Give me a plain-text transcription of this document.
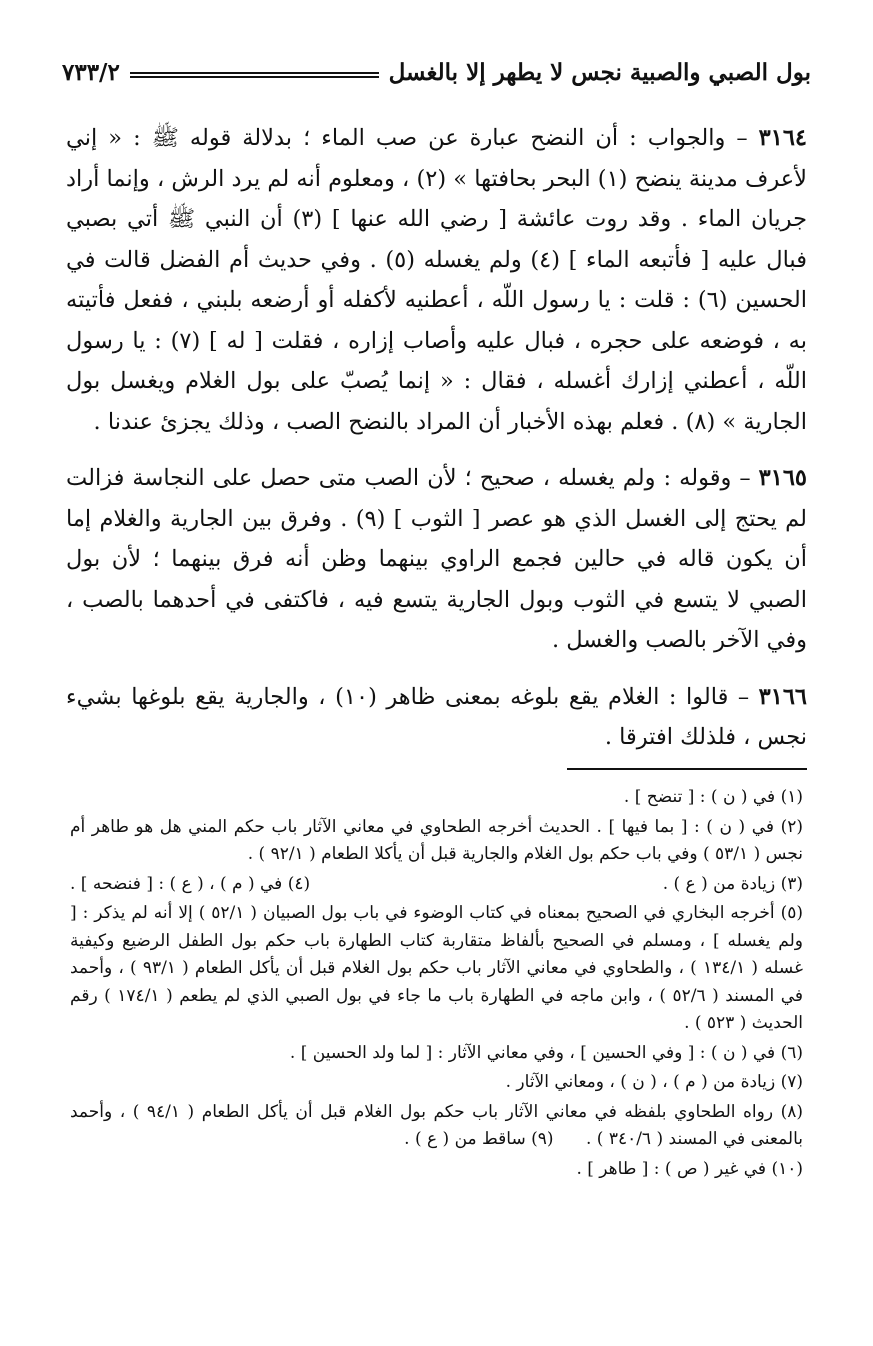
بول الصبي والصبية نجس لا يطهر إلا بالغسل
٧٣٣/٢

٣١٦٤ – والجواب : أن النضح عبارة عن صب الماء ؛ بدلالة قوله ﷺ : « إني لأعرف مدينة ينضح (١) البحر بحافتها » (٢) ، ومعلوم أنه لم يرد الرش ، وإنما أراد جريان الماء . وقد روت عائشة [ رضي الله عنها ] (٣) أن النبي ﷺ أتي بصبي فبال عليه [ فأتبعه الماء ] (٤) ولم يغسله (٥) . وفي حديث أم الفضل قالت في الحسين (٦) : قلت : يا رسول اللّه ، أعطنيه لأكفله أو أرضعه بلبني ، ففعل فأتيته به ، فوضعه على حجره ، فبال عليه وأصاب إزاره ، فقلت [ له ] (٧) : يا رسول اللّه ، أعطني إزارك أغسله ، فقال : « إنما يُصبّ على بول الغلام ويغسل بول الجارية » (٨) . فعلم بهذه الأخبار أن المراد بالنضح الصب ، وذلك يجزئ عندنا .

٣١٦٥ – وقوله : ولم يغسله ، صحيح ؛ لأن الصب متى حصل على النجاسة فزالت لم يحتج إلى الغسل الذي هو عصر [ الثوب ] (٩) . وفرق بين الجارية والغلام إما أن يكون قاله في حالين فجمع الراوي بينهما وظن أنه فرق بينهما ؛ لأن بول الصبي لا يتسع في الثوب وبول الجارية يتسع فيه ، فاكتفى في أحدهما بالصب ، وفي الآخر بالصب والغسل .

٣١٦٦ – قالوا : الغلام يقع بلوغه بمعنى ظاهر (١٠) ، والجارية يقع بلوغها بشيء نجس ، فلذلك افترقا .

(١) في ( ن ) : [ تنضح ] .

(٢) في ( ن ) : [ بما فيها ] . الحديث أخرجه الطحاوي في معاني الآثار باب حكم المني هل هو طاهر أم نجس ( ٥٣/١ ) وفي باب حكم بول الغلام والجارية قبل أن يأكلا الطعام ( ٩٢/١ ) .

(٣) زيادة من ( ع ) .
(٤) في ( م ) ، ( ع ) : [ فنضحه ] .

(٥) أخرجه البخاري في الصحيح بمعناه في كتاب الوضوء في باب بول الصبيان ( ٥٢/١ ) إلا أنه لم يذكر : [ ولم يغسله ] ، ومسلم في الصحيح بألفاظ متقاربة كتاب الطهارة باب حكم بول الطفل الرضيع وكيفية غسله ( ١٣٤/١ ) ، والطحاوي في معاني الآثار باب حكم بول الغلام قبل أن يأكل الطعام ( ٩٣/١ ) ، وأحمد في المسند ( ٥٢/٦ ) ، وابن ماجه في الطهارة باب ما جاء في بول الصبي الذي لم يطعم ( ١٧٤/١ ) رقم الحديث ( ٥٢٣ ) .

(٦) في ( ن ) : [ وفي الحسين ] ، وفي معاني الآثار : [ لما ولد الحسين ] .

(٧) زيادة من ( م ) ، ( ن ) ، ومعاني الآثار .

(٨) رواه الطحاوي بلفظه في معاني الآثار باب حكم بول الغلام قبل أن يأكل الطعام ( ٩٤/١ ) ، وأحمد بالمعنى في المسند ( ٣٤٠/٦ ) .      (٩) ساقط من ( ع ) .

(١٠) في غير ( ص ) : [ طاهر ] .
